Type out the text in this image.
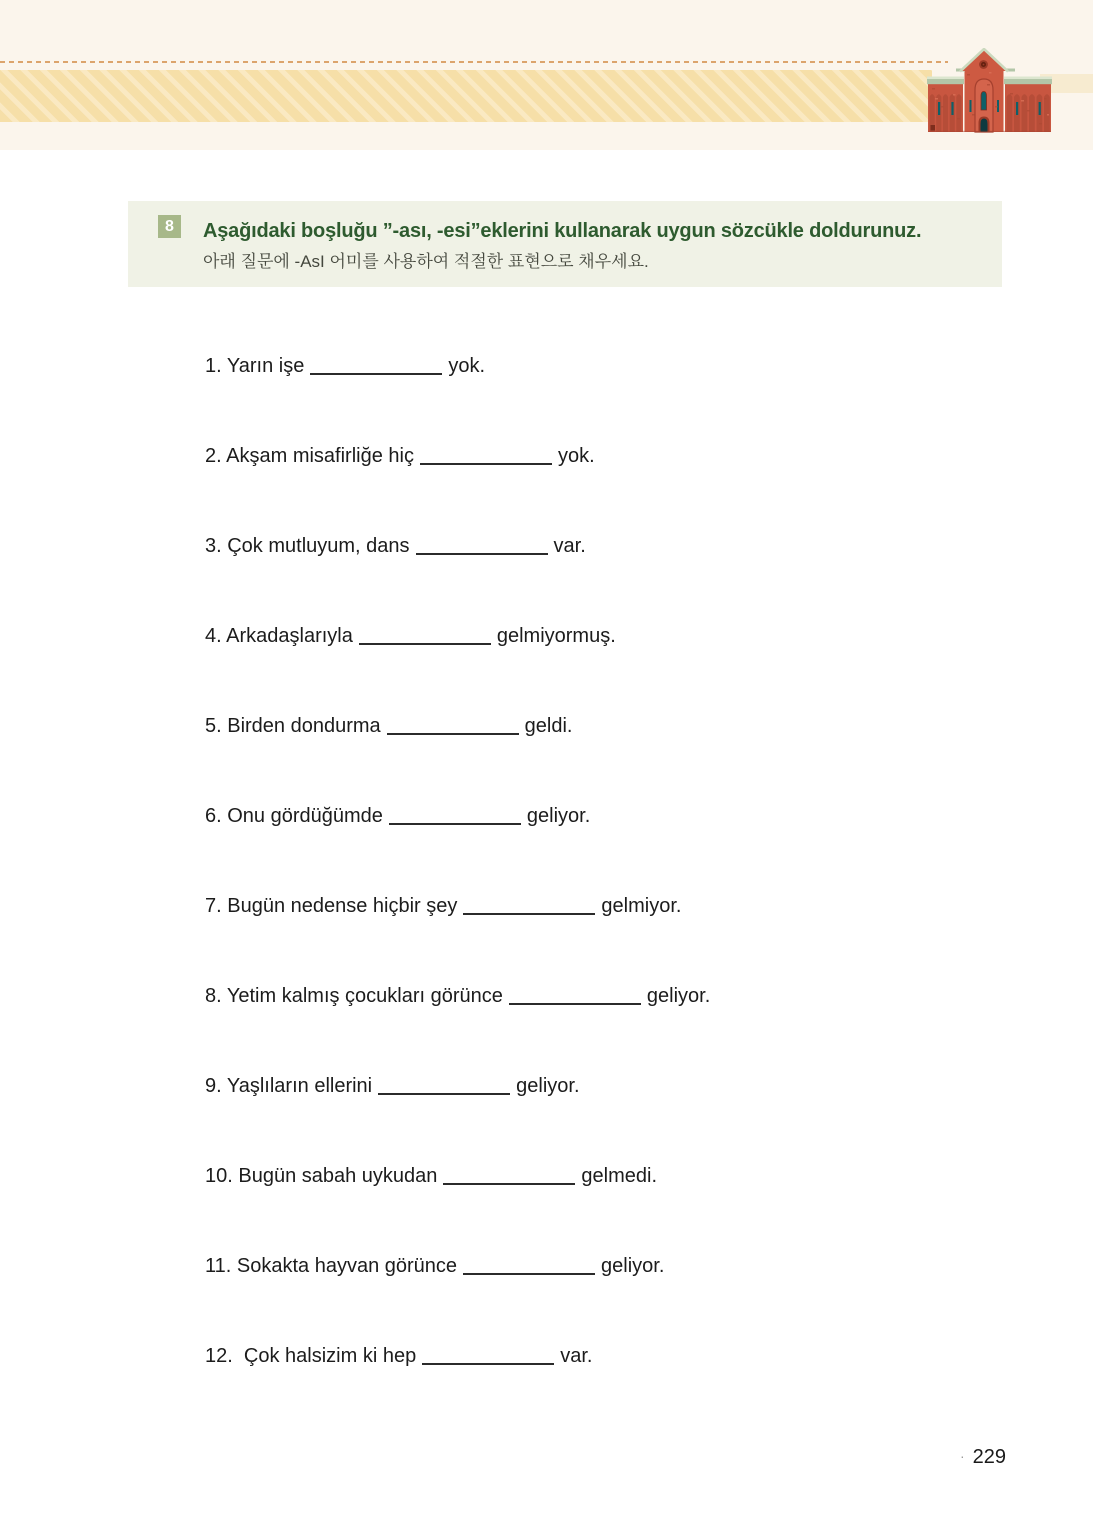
8	Aşağıdaki boşluğu ”-ası, -esi”eklerini kullanarak uygun sözcükle doldurunuz.
아래 질문에 -AsI 어미를 사용하여 적절한 표현으로 채우세요.
1. Yarın işe	yok.
2. Akşam misafirliğe hiç	yok.
3. Çok mutluyum, dans	var.
4. Arkadaşlarıyla	gelmiyormuş.
5. Birden dondurma	geldi.
6. Onu gördüğümde	geliyor.
7. Bugün nedense hiçbir şey	gelmiyor.
8. Yetim kalmış çocukları görünce	geliyor.
9. Yaşlıların ellerini	geliyor.
10. Bugün sabah uykudan	gelmedi.
11. Sokakta hayvan görünce	geliyor.
12.  Çok halsizim ki hep	var.
· 229
